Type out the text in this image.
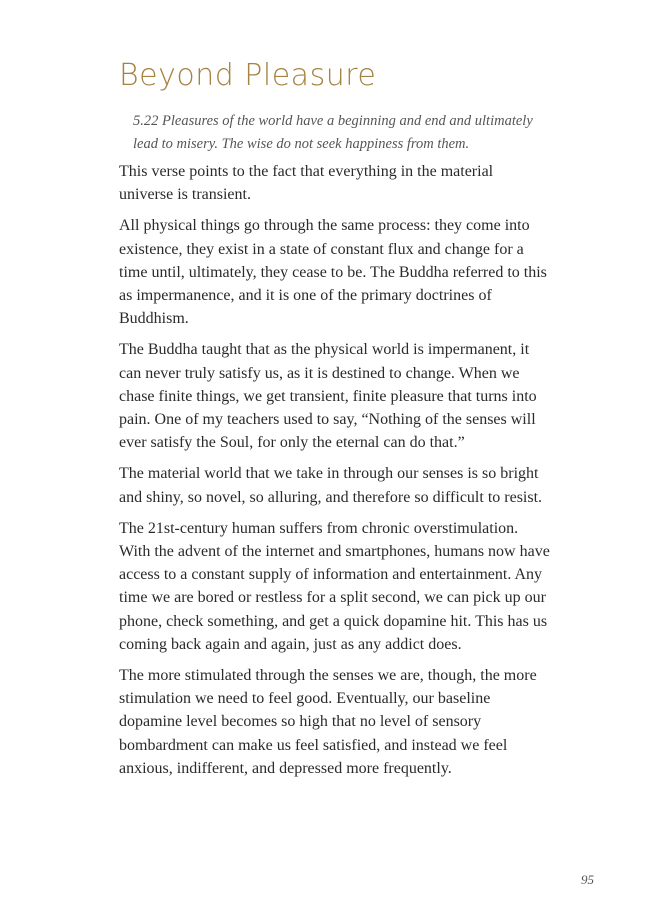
Beyond Pleasure

5.22 Pleasures of the world have a beginning and end and ultimately lead to misery. The wise do not seek happiness from them.

This verse points to the fact that everything in the material universe is transient.

All physical things go through the same process: they come into existence, they exist in a state of constant flux and change for a time until, ultimately, they cease to be. The Buddha referred to this as impermanence, and it is one of the primary doctrines of Buddhism.

The Buddha taught that as the physical world is impermanent, it can never truly satisfy us, as it is destined to change. When we chase finite things, we get transient, finite pleasure that turns into pain. One of my teachers used to say, “Nothing of the senses will ever satisfy the Soul, for only the eternal can do that.”

The material world that we take in through our senses is so bright and shiny, so novel, so alluring, and therefore so difficult to resist.

The 21st-century human suffers from chronic overstimulation. With the advent of the internet and smartphones, humans now have access to a constant supply of information and entertainment. Any time we are bored or restless for a split second, we can pick up our phone, check something, and get a quick dopamine hit. This has us coming back again and again, just as any addict does.

The more stimulated through the senses we are, though, the more stimulation we need to feel good. Eventually, our baseline dopamine level becomes so high that no level of sensory bombardment can make us feel satisfied, and instead we feel anxious, indifferent, and depressed more frequently.

95
